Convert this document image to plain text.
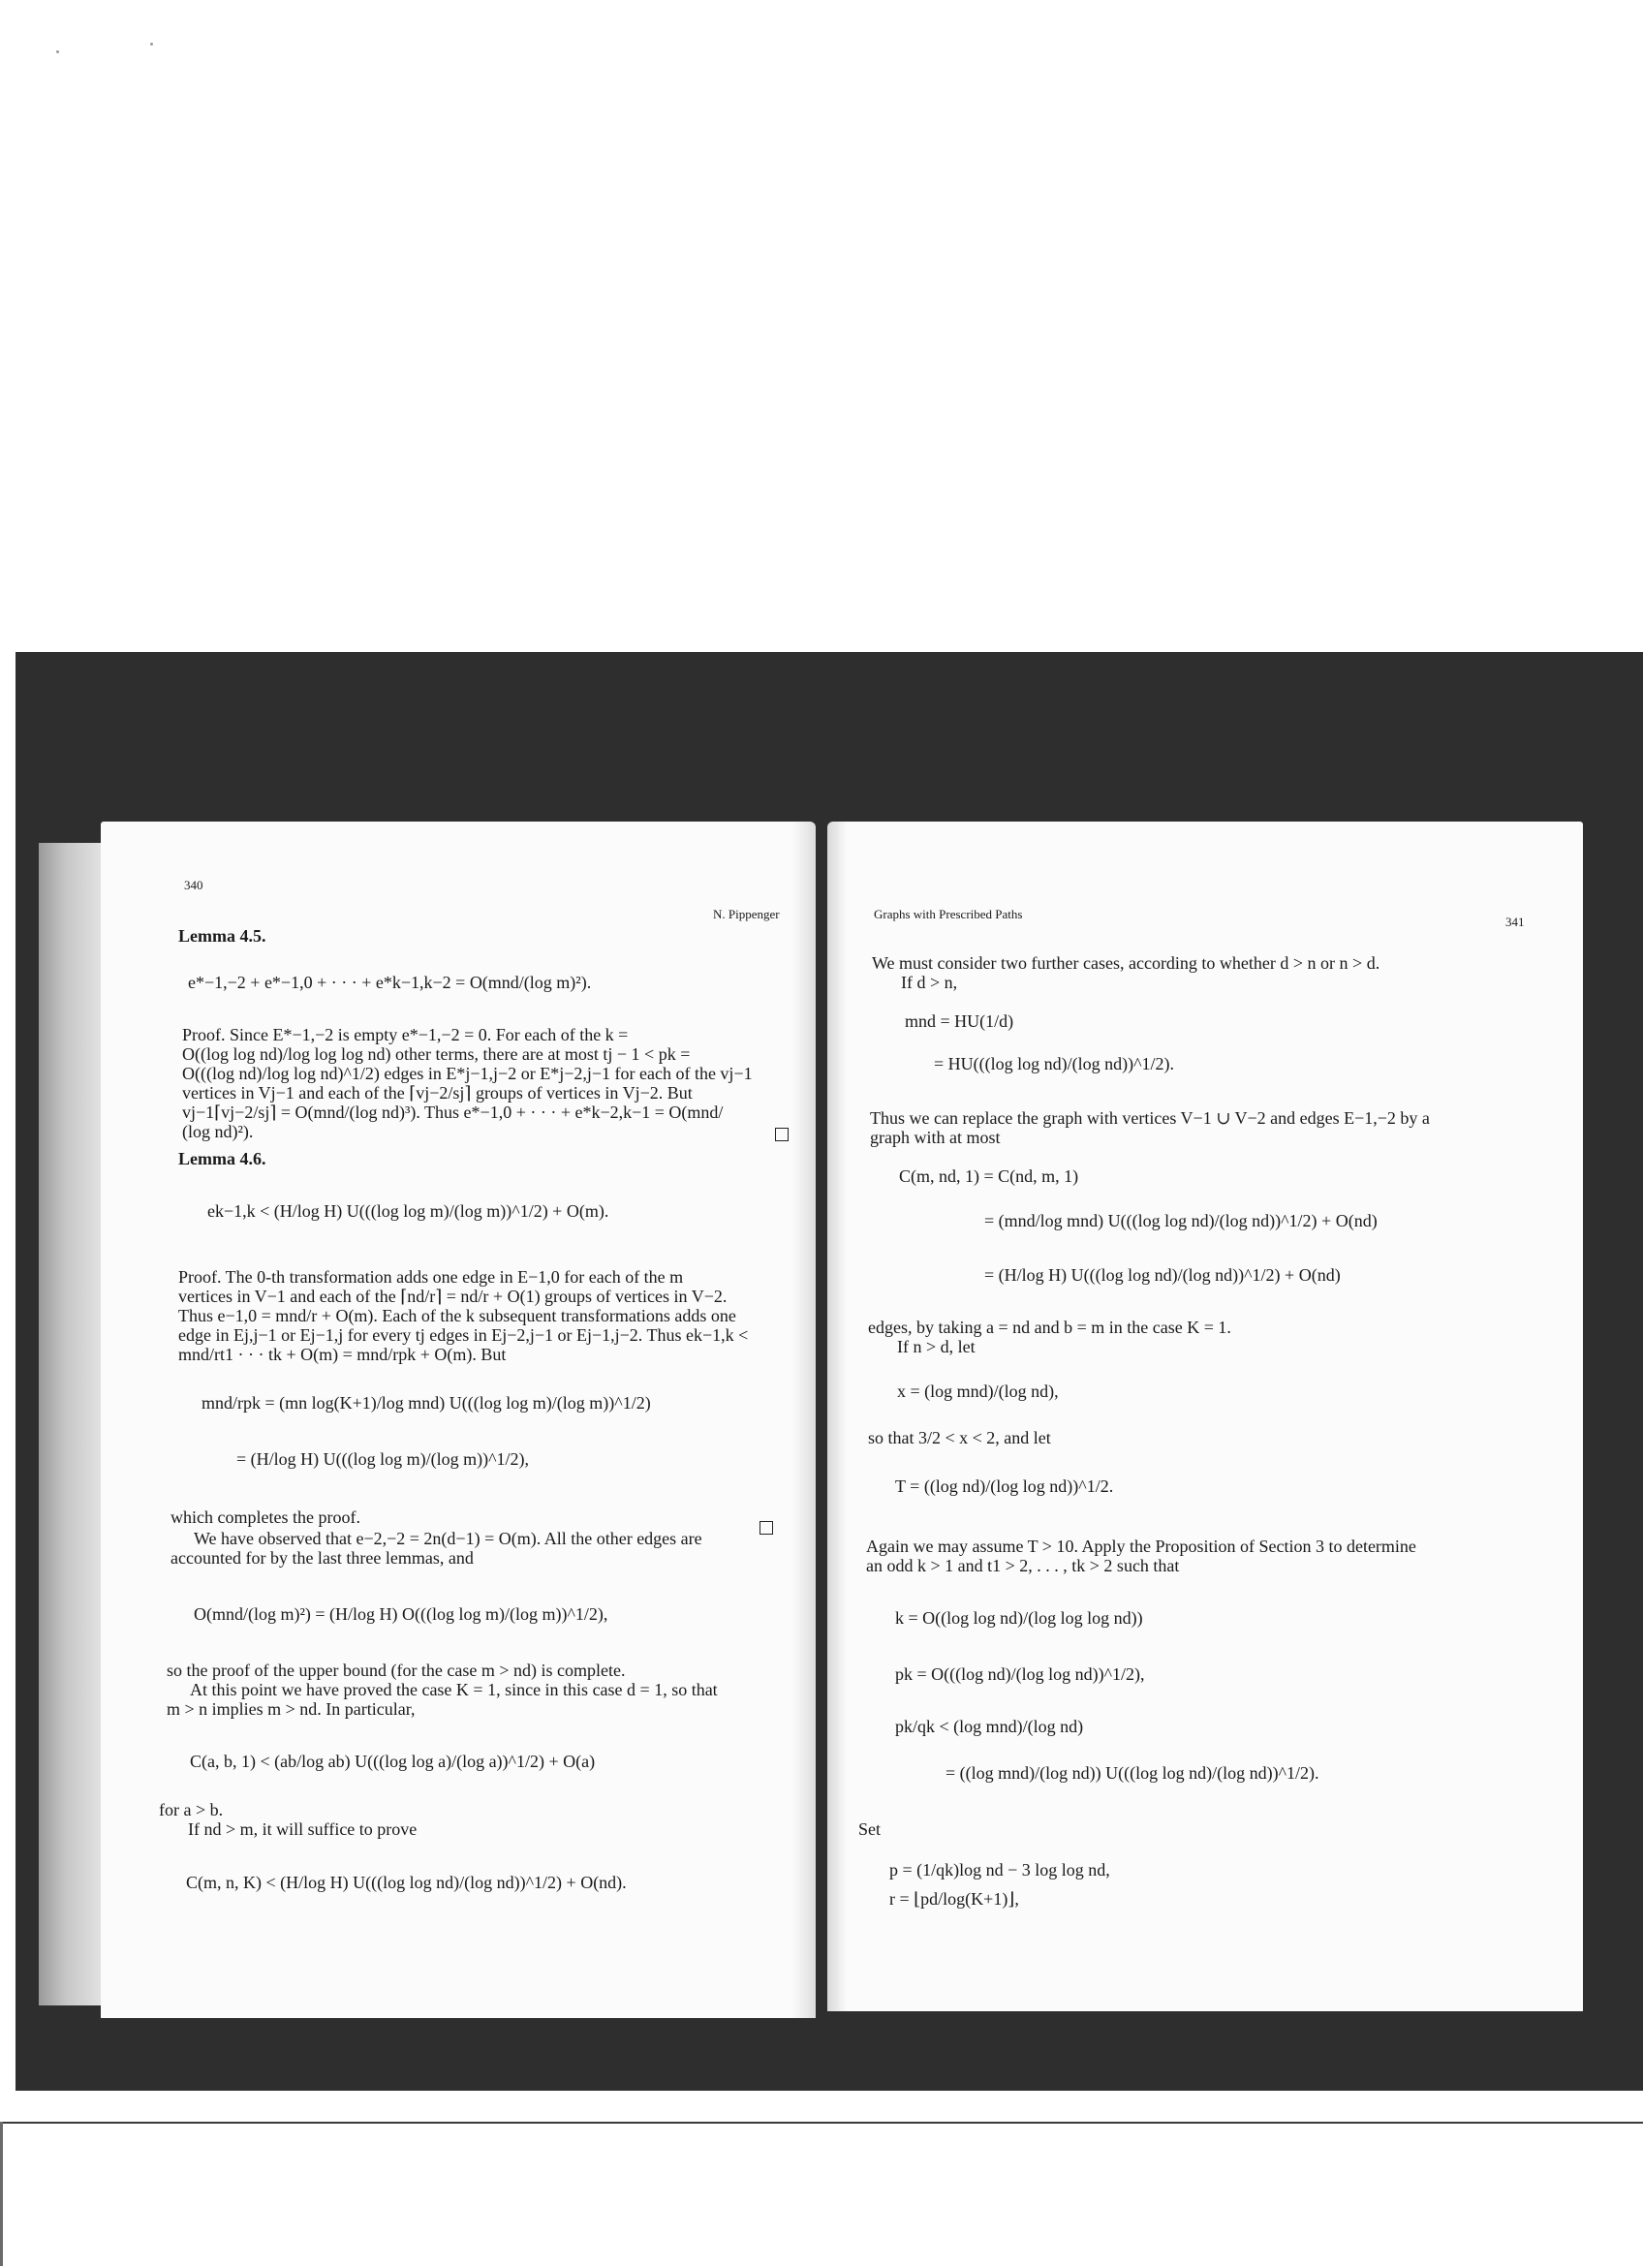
340
N. Pippenger
Lemma 4.5.
e*−1,−2 + e*−1,0 + · · · + e*k−1,k−2 = O(mnd/(log m)²).
Proof. Since E*−1,−2 is empty e*−1,−2 = 0. For each of the k =
O((log log nd)/log log log nd) other terms, there are at most tj − 1 < pk =
O(((log nd)/log log nd)^1/2) edges in E*j−1,j−2 or E*j−2,j−1 for each of the vj−1
vertices in Vj−1 and each of the ⌈vj−2/sj⌉ groups of vertices in Vj−2. But
vj−1⌈vj−2/sj⌉ = O(mnd/(log nd)³). Thus e*−1,0 + · · · + e*k−2,k−1 = O(mnd/
(log nd)²).
Lemma 4.6.
ek−1,k < (H/log H) U(((log log m)/(log m))^1/2) + O(m).
Proof. The 0-th transformation adds one edge in E−1,0 for each of the m
vertices in V−1 and each of the ⌈nd/r⌉ = nd/r + O(1) groups of vertices in V−2.
Thus e−1,0 = mnd/r + O(m). Each of the k subsequent transformations adds one
edge in Ej,j−1 or Ej−1,j for every tj edges in Ej−2,j−1 or Ej−1,j−2. Thus ek−1,k <
mnd/rt1 · · · tk + O(m) = mnd/rpk + O(m). But
mnd/rpk = (mn log(K+1)/log mnd) U(((log log m)/(log m))^1/2)
= (H/log H) U(((log log m)/(log m))^1/2),
which completes the proof.
We have observed that e−2,−2 = 2n(d−1) = O(m). All the other edges are
accounted for by the last three lemmas, and
O(mnd/(log m)²) = (H/log H) O(((log log m)/(log m))^1/2),
so the proof of the upper bound (for the case m > nd) is complete.
At this point we have proved the case K = 1, since in this case d = 1, so that
m > n implies m > nd. In particular,
C(a, b, 1) < (ab/log ab) U(((log log a)/(log a))^1/2) + O(a)
for a > b.
If nd > m, it will suffice to prove
C(m, n, K) < (H/log H) U(((log log nd)/(log nd))^1/2) + O(nd).
Graphs with Prescribed Paths
341
We must consider two further cases, according to whether d > n or n > d.
If d > n,
mnd = HU(1/d)
= HU(((log log nd)/(log nd))^1/2).
Thus we can replace the graph with vertices V−1 ∪ V−2 and edges E−1,−2 by a
graph with at most
C(m, nd, 1) = C(nd, m, 1)
= (mnd/log mnd) U(((log log nd)/(log nd))^1/2) + O(nd)
= (H/log H) U(((log log nd)/(log nd))^1/2) + O(nd)
edges, by taking a = nd and b = m in the case K = 1.
If n > d, let
x = (log mnd)/(log nd),
so that 3/2 < x < 2, and let
T = ((log nd)/(log log nd))^1/2.
Again we may assume T > 10. Apply the Proposition of Section 3 to determine
an odd k > 1 and t1 > 2, . . . , tk > 2 such that
k = O((log log nd)/(log log log nd))
pk = O(((log nd)/(log log nd))^1/2),
pk/qk < (log mnd)/(log nd)
= ((log mnd)/(log nd)) U(((log log nd)/(log nd))^1/2).
Set
p = (1/qk)log nd − 3 log log nd,
r = ⌊pd/log(K+1)⌋,
